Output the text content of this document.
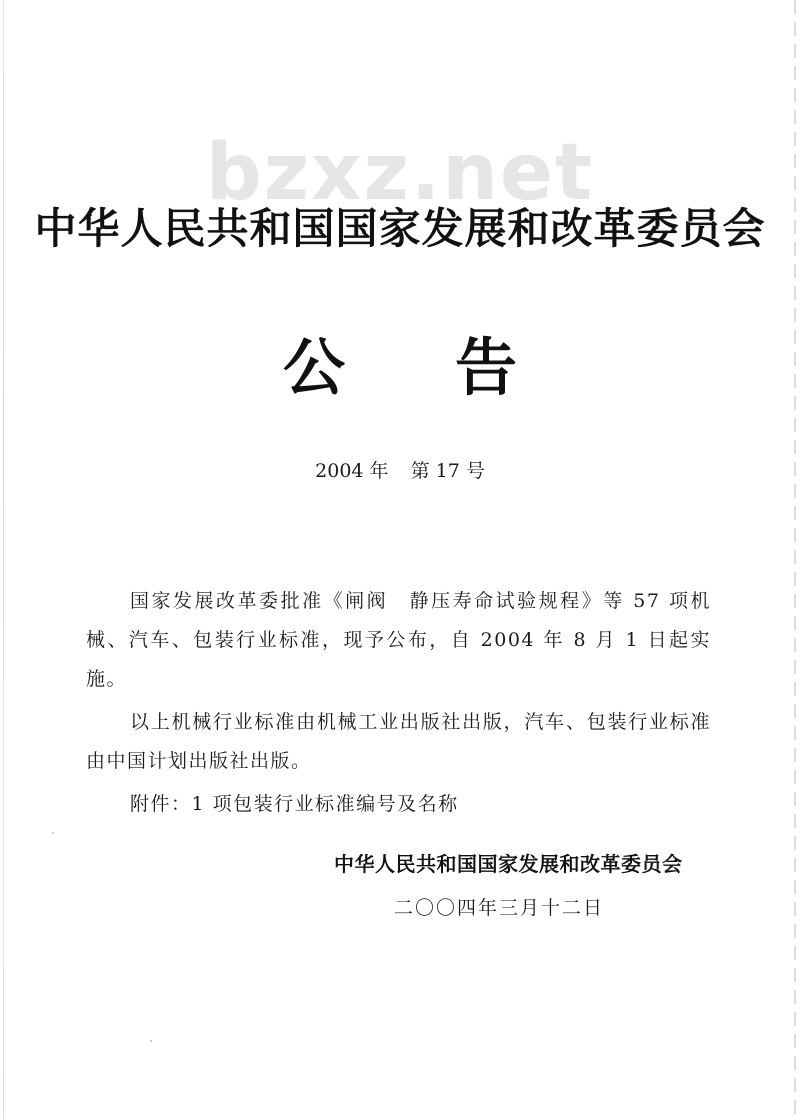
bzxz.net
中华人民共和国国家发展和改革委员会
公告
2004 年 第 17 号

国家发展改革委批准《闸阀　静压寿命试验规程》等 57 项机械、汽车、包装行业标准，现予公布，自 2004 年 8 月 1 日起实施。

以上机械行业标准由机械工业出版社出版，汽车、包装行业标准由中国计划出版社出版。

附件：1 项包装行业标准编号及名称

中华人民共和国国家发展和改革委员会
二〇〇四年三月十二日
